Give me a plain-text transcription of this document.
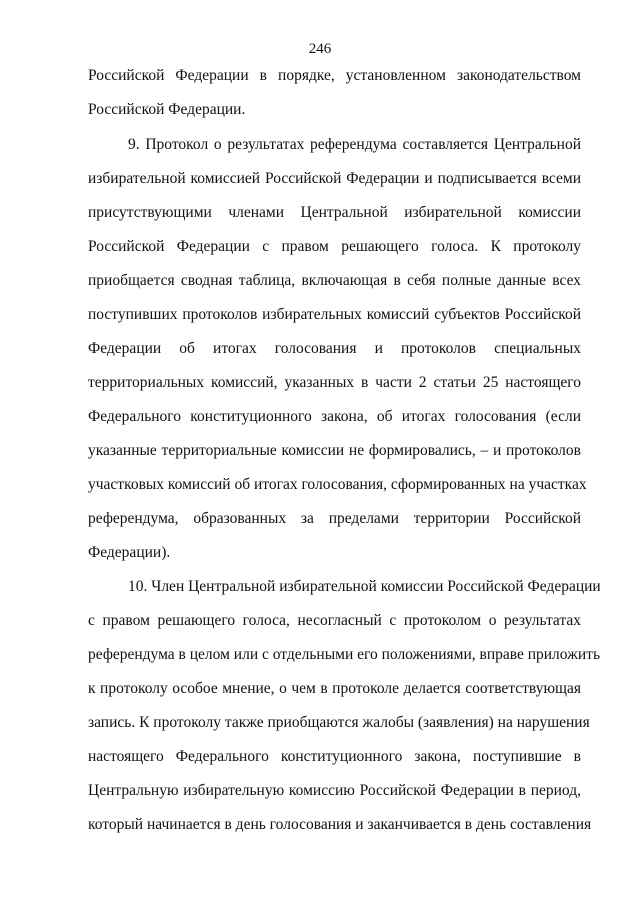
246
Российской Федерации в порядке, установленном законодательством
Российской Федерации.
9. Протокол о результатах референдума составляется Центральной
избирательной комиссией Российской Федерации и подписывается всеми
присутствующими членами Центральной избирательной комиссии
Российской Федерации с правом решающего голоса. К протоколу
приобщается сводная таблица, включающая в себя полные данные всех
поступивших протоколов избирательных комиссий субъектов Российской
Федерации об итогах голосования и протоколов специальных
территориальных комиссий, указанных в части 2 статьи 25 настоящего
Федерального конституционного закона, об итогах голосования (если
указанные территориальные комиссии не формировались, – и протоколов
участковых комиссий об итогах голосования, сформированных на участках
референдума, образованных за пределами территории Российской
Федерации).
10. Член Центральной избирательной комиссии Российской Федерации
с правом решающего голоса, несогласный с протоколом о результатах
референдума в целом или с отдельными его положениями, вправе приложить
к протоколу особое мнение, о чем в протоколе делается соответствующая
запись. К протоколу также приобщаются жалобы (заявления) на нарушения
настоящего Федерального конституционного закона, поступившие в
Центральную избирательную комиссию Российской Федерации в период,
который начинается в день голосования и заканчивается в день составления
